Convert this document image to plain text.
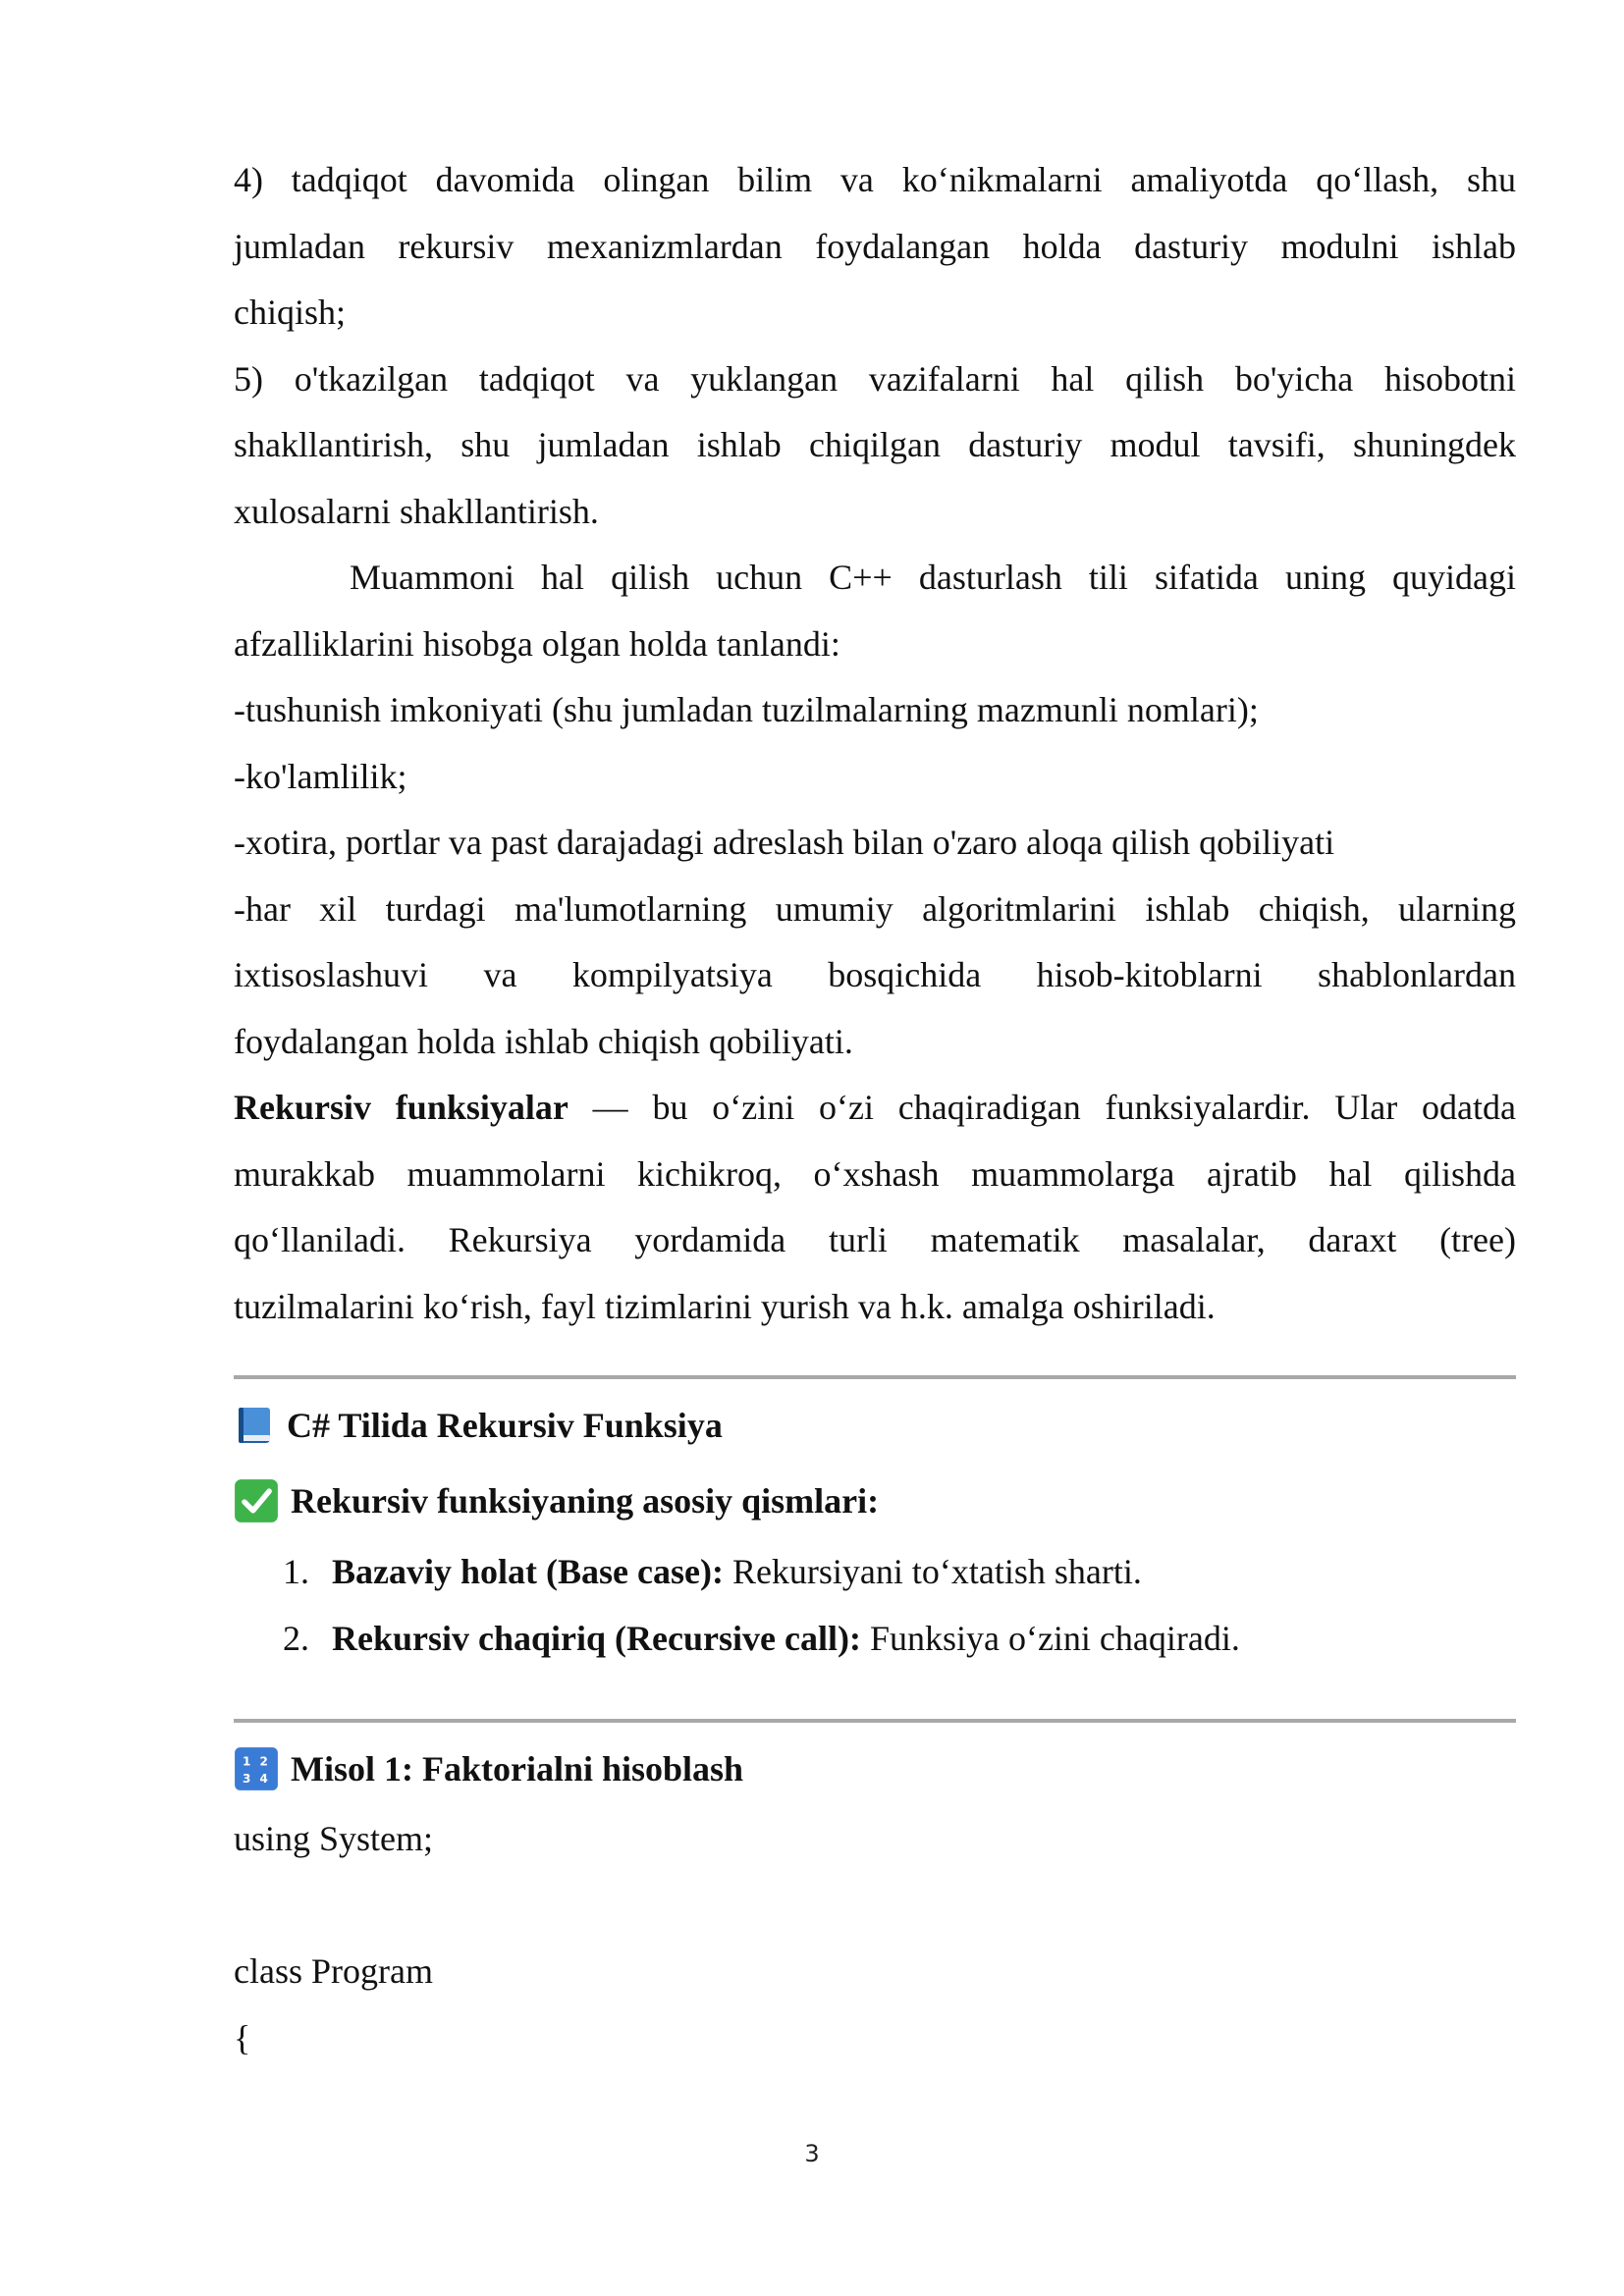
4) tadqiqot davomida olingan bilim va ko‘nikmalarni amaliyotda qo‘llash, shu

jumladan rekursiv mexanizmlardan foydalangan holda dasturiy modulni ishlab

chiqish;

5) o'tkazilgan tadqiqot va yuklangan vazifalarni hal qilish bo'yicha hisobotni

shakllantirish, shu jumladan ishlab chiqilgan dasturiy modul tavsifi, shuningdek

xulosalarni shakllantirish.

Muammoni hal qilish uchun C++ dasturlash tili sifatida uning quyidagi

afzalliklarini hisobga olgan holda tanlandi:

-tushunish imkoniyati (shu jumladan tuzilmalarning mazmunli nomlari);

-ko'lamlilik;

-xotira, portlar va past darajadagi adreslash bilan o'zaro aloqa qilish qobiliyati

-har xil turdagi ma'lumotlarning umumiy algoritmlarini ishlab chiqish, ularning

ixtisoslashuvi va kompilyatsiya bosqichida hisob-kitoblarni shablonlardan

foydalangan holda ishlab chiqish qobiliyati.

Rekursiv funksiyalar — bu o‘zini o‘zi chaqiradigan funksiyalardir. Ular odatda

murakkab muammolarni kichikroq, o‘xshash muammolarga ajratib hal qilishda

qo‘llaniladi. Rekursiya yordamida turli matematik masalalar, daraxt (tree)

tuzilmalarini ko‘rish, fayl tizimlarini yurish va h.k. amalga oshiriladi.

C# Tilida Rekursiv Funksiya
Rekursiv funksiyaning asosiy qismlari:
1. Bazaviy holat (Base case): Rekursiyani to‘xtatish sharti.
2. Rekursiv chaqiriq (Recursive call): Funksiya o‘zini chaqiradi.
1 2
3 4 Misol 1: Faktorialni hisoblash

using System;

class Program

{

3
